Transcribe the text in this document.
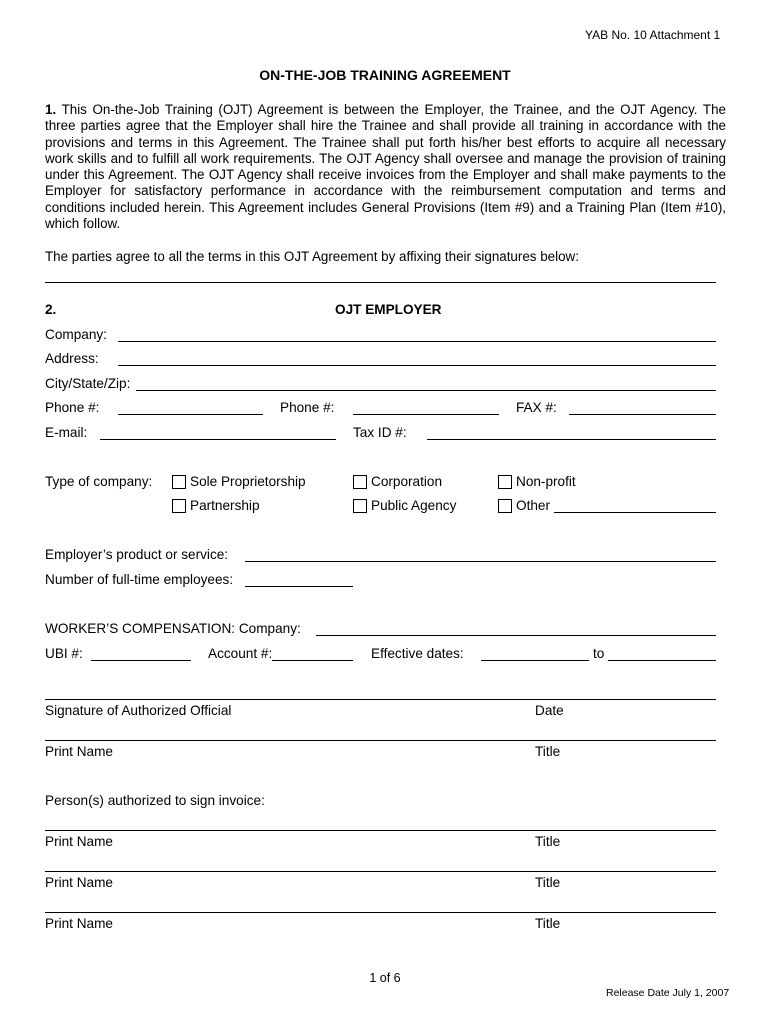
YAB No. 10 Attachment 1
ON-THE-JOB TRAINING AGREEMENT
1. This On-the-Job Training (OJT) Agreement is between the Employer, the Trainee, and the OJT Agency. The three parties agree that the Employer shall hire the Trainee and shall provide all training in accordance with the provisions and terms in this Agreement. The Trainee shall put forth his/her best efforts to acquire all necessary work skills and to fulfill all work requirements. The OJT Agency shall oversee and manage the provision of training under this Agreement. The OJT Agency shall receive invoices from the Employer and shall make payments to the Employer for satisfactory performance in accordance with the reimbursement computation and terms and conditions included herein. This Agreement includes General Provisions (Item #9) and a Training Plan (Item #10), which follow.
The parties agree to all the terms in this OJT Agreement by affixing their signatures below:
2.	OJT EMPLOYER
Company:
Address:
City/State/Zip:
Phone #:	Phone #:	FAX #:
E-mail:	Tax ID #:
Type of company:	Sole Proprietorship	Corporation	Non-profit
Partnership	Public Agency	Other
Employer’s product or service:
Number of full-time employees:
WORKER’S COMPENSATION: Company:
UBI #:	Account #:	Effective dates:	to
Signature of Authorized Official	Date
Print Name	Title
Person(s) authorized to sign invoice:
Print Name	Title
Print Name	Title
Print Name	Title
1 of 6
Release Date July 1, 2007
